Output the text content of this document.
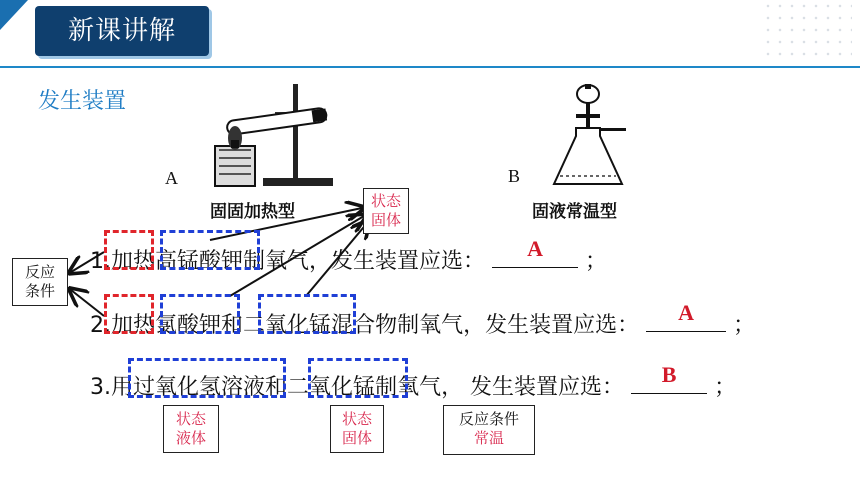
新课讲解
发生装置
A
固固加热型
B
固液常温型
1.加热高锰酸钾制氧气，发生装置应选：
A
；
2.加热氯酸钾和二氧化锰混合物制氧气，发生装置应选：
A
；
3.用过氧化氢溶液和二氧化锰制氧气， 发生装置应选：
B
；
状态
固体
反应
条件
状态
液体
状态
固体
反应条件
常温
